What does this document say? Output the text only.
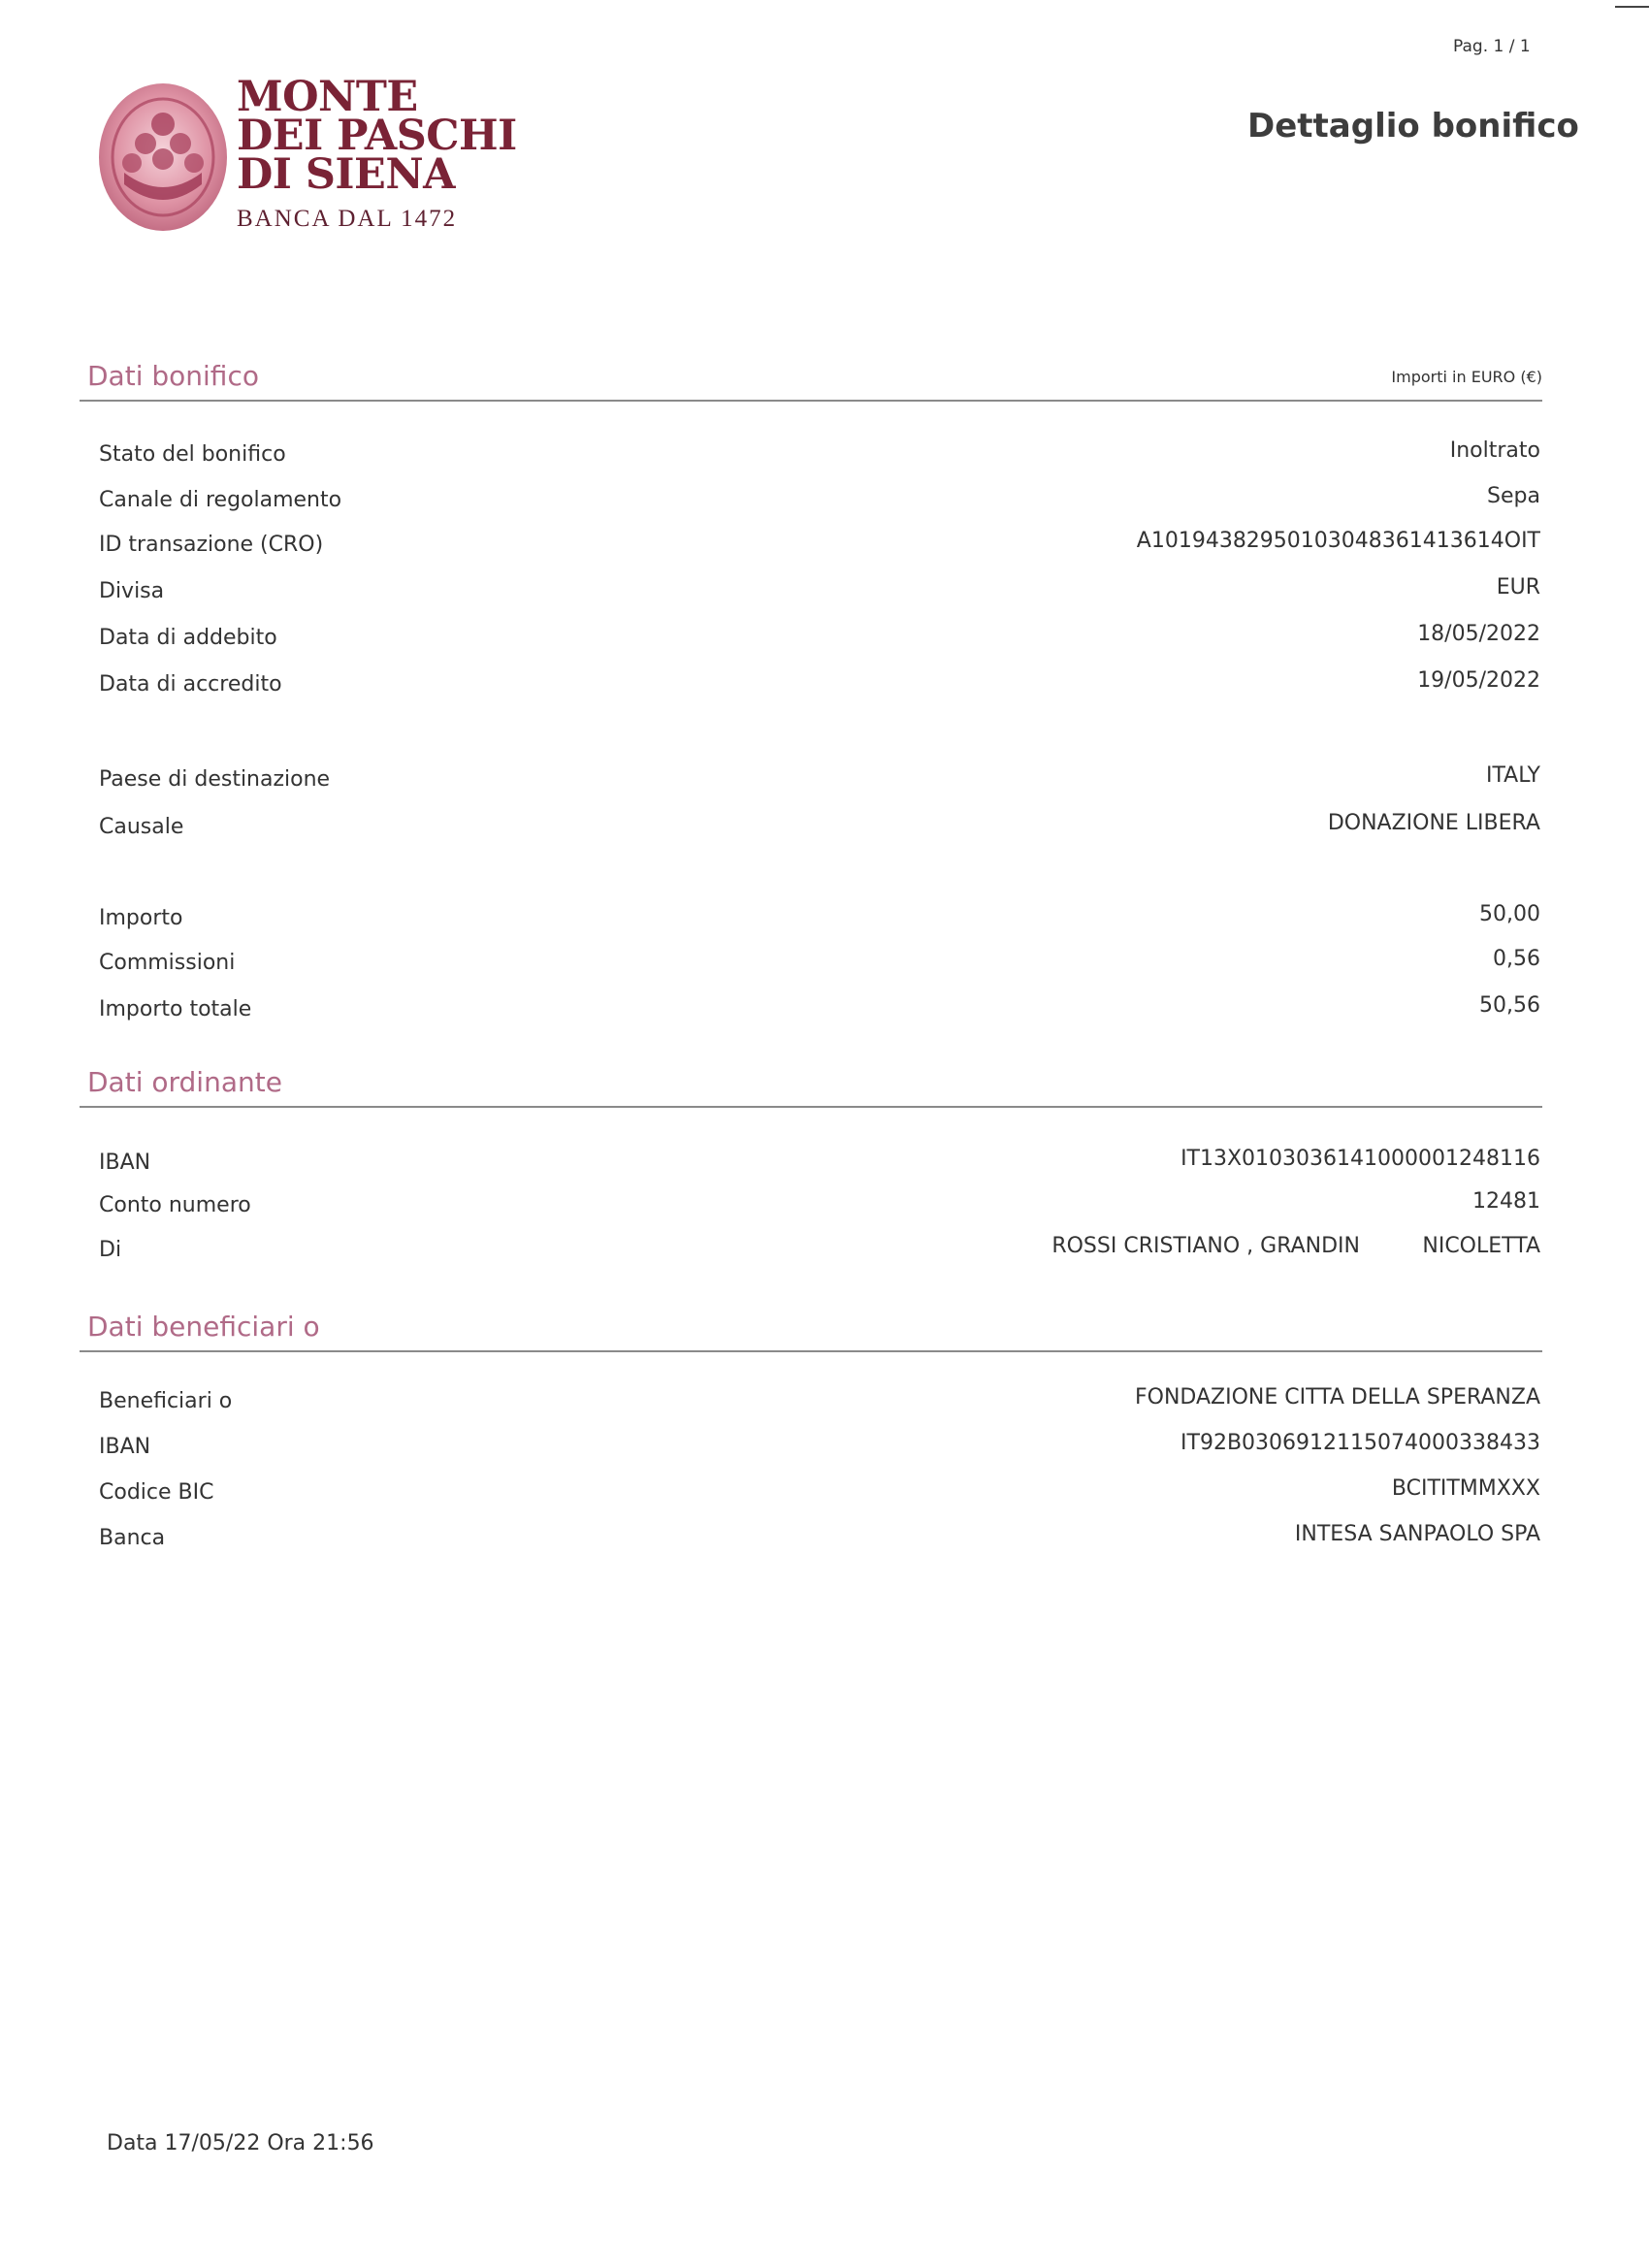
Pag. 1 / 1
Dettaglio bonifico
MONTE
DEI PASCHI
DI SIENA
BANCA DAL 1472
Dati bonifico	Importi in EURO (€)
Stato del bonifico	Inoltrato
Canale di regolamento	Sepa
ID transazione (CRO)	A10194382950103048361413614OIT
Divisa	EUR
Data di addebito	18/05/2022
Data di accredito	19/05/2022
Paese di destinazione	ITALY
Causale	DONAZIONE LIBERA
Importo	50,00
Commissioni	0,56
Importo totale	50,56
Dati ordinante
IBAN	IT13X0103036141000001248116
Conto numero	12481
Di	ROSSI CRISTIANO , GRANDIN	NICOLETTA
Dati beneficiari o
Beneficiari o	FONDAZIONE CITTA DELLA SPERANZA
IBAN	IT92B0306912115074000338433
Codice BIC	BCITITMMXXX
Banca	INTESA SANPAOLO SPA
Data 17/05/22 Ora 21:56
